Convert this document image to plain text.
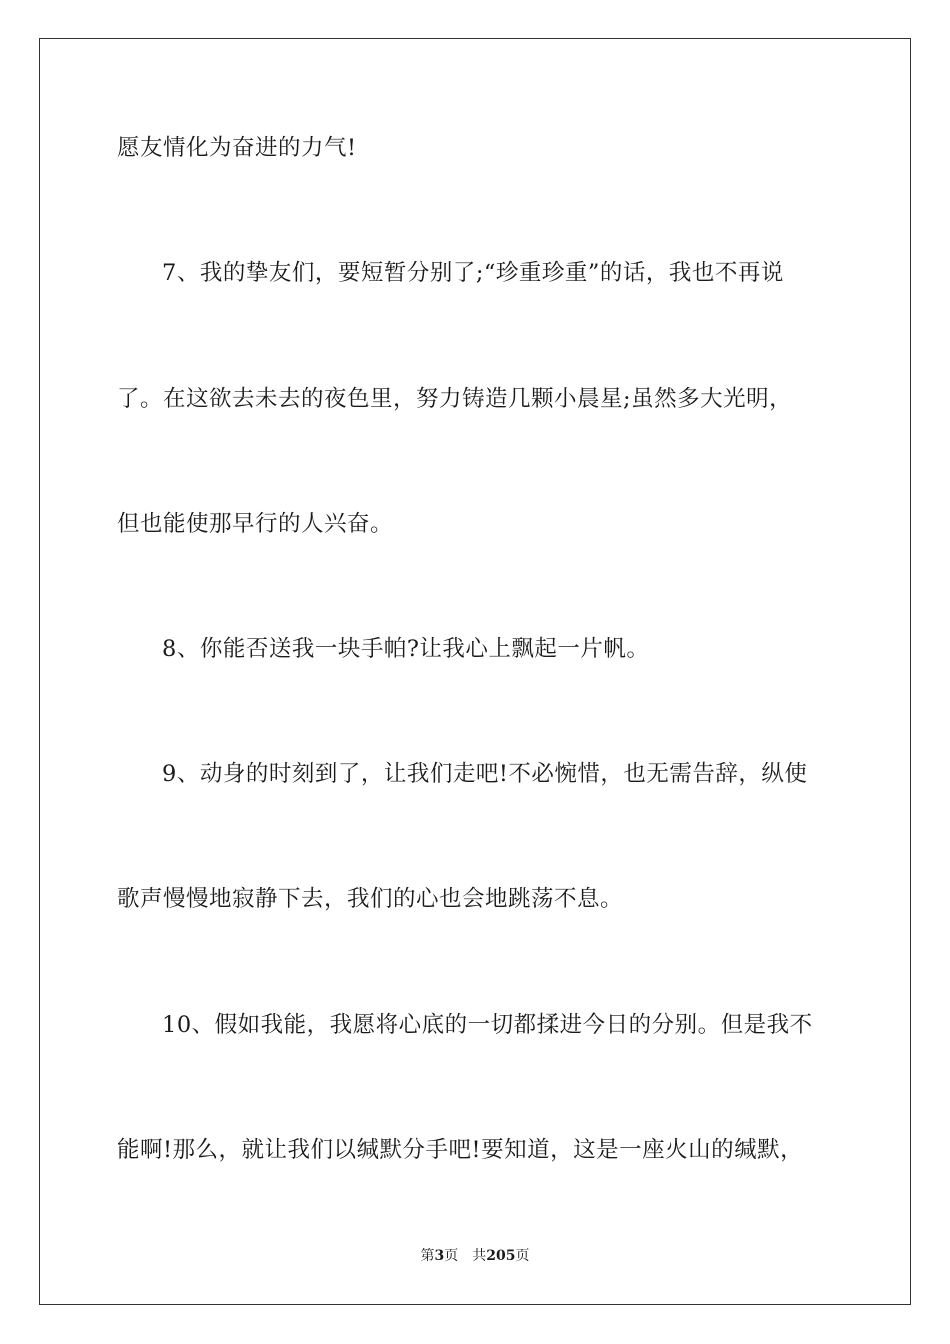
愿友情化为奋进的力气!
7、我的挚友们，要短暂分别了;“珍重珍重”的话，我也不再说
了。在这欲去未去的夜色里，努力铸造几颗小晨星;虽然多大光明，
但也能使那早行的人兴奋。
8、你能否送我一块手帕?让我心上飘起一片帆。
9、动身的时刻到了，让我们走吧!不必惋惜，也无需告辞，纵使
歌声慢慢地寂静下去，我们的心也会地跳荡不息。
10、假如我能，我愿将心底的一切都揉进今日的分别。但是我不
能啊!那么，就让我们以缄默分手吧!要知道，这是一座火山的缄默，
第3页 共205页
